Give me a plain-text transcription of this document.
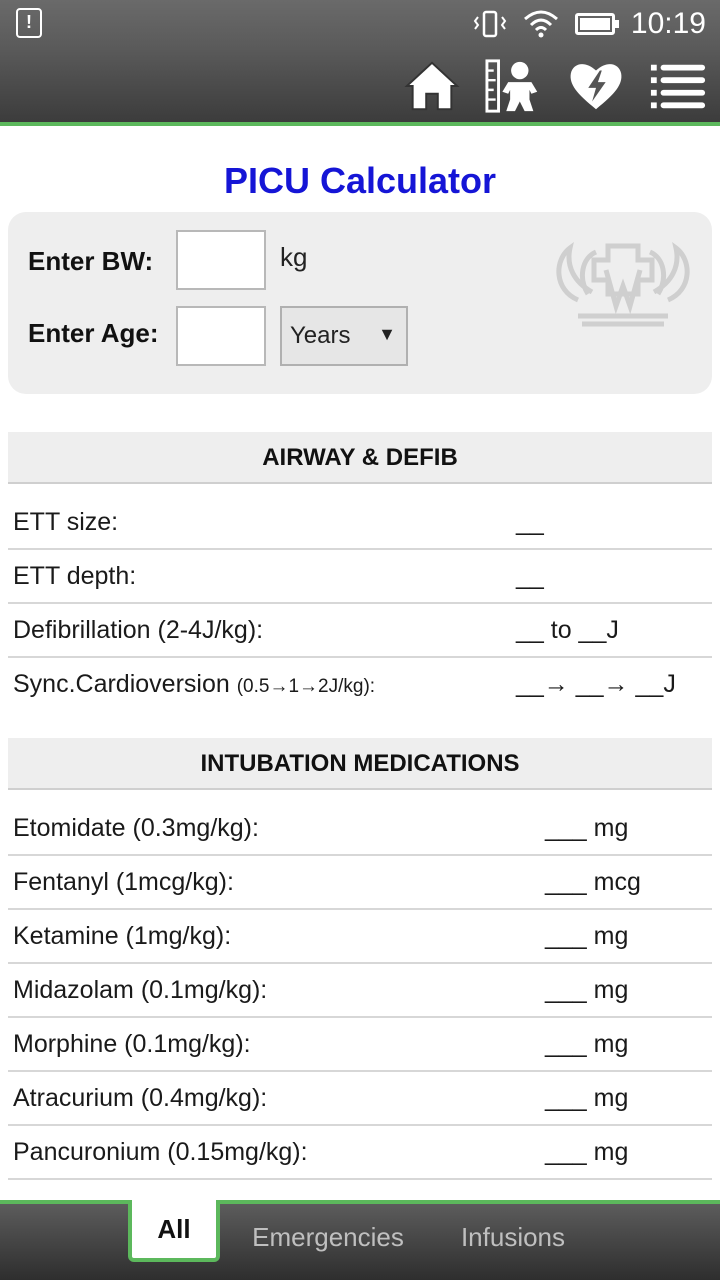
!	10:19
PICU Calculator
Enter BW:	kg
Enter Age:	Years ▼
AIRWAY & DEFIB
ETT size:	__
ETT depth:	__
Defibrillation (2-4J/kg):	__ to __J
Sync.Cardioversion (0.5→1→2J/kg):	__→ __→ __J
INTUBATION MEDICATIONS
Etomidate (0.3mg/kg):	___ mg
Fentanyl (1mcg/kg):	___ mcg
Ketamine (1mg/kg):	___ mg
Midazolam (0.1mg/kg):	___ mg
Morphine (0.1mg/kg):	___ mg
Atracurium (0.4mg/kg):	___ mg
Pancuronium (0.15mg/kg):	___ mg
All	Emergencies	Infusions
